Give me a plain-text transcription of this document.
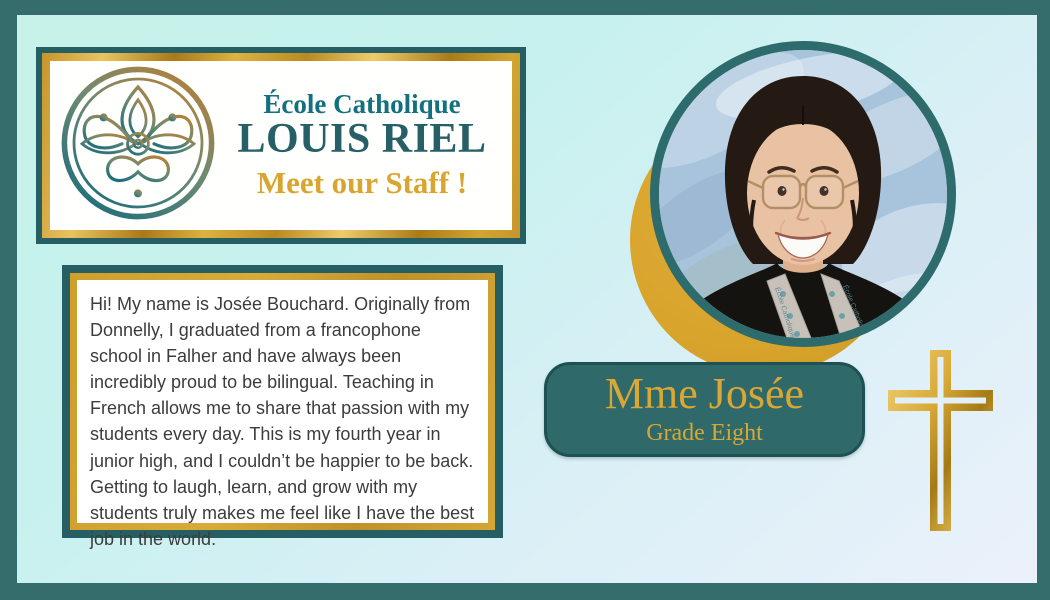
École Catholique
LOUIS RIEL
Meet our Staff !

Hi! My name is Josée Bouchard. Originally from Donnelly, I graduated from a francophone school in Falher and have always been incredibly proud to be bilingual. Teaching in French allows me to share that passion with my students every day. This is my fourth year in junior high, and I couldn’t be happier to be back. Getting to laugh, learn, and grow with my students truly makes me feel like I have the best job in the world.

Mme Josée
Grade Eight
